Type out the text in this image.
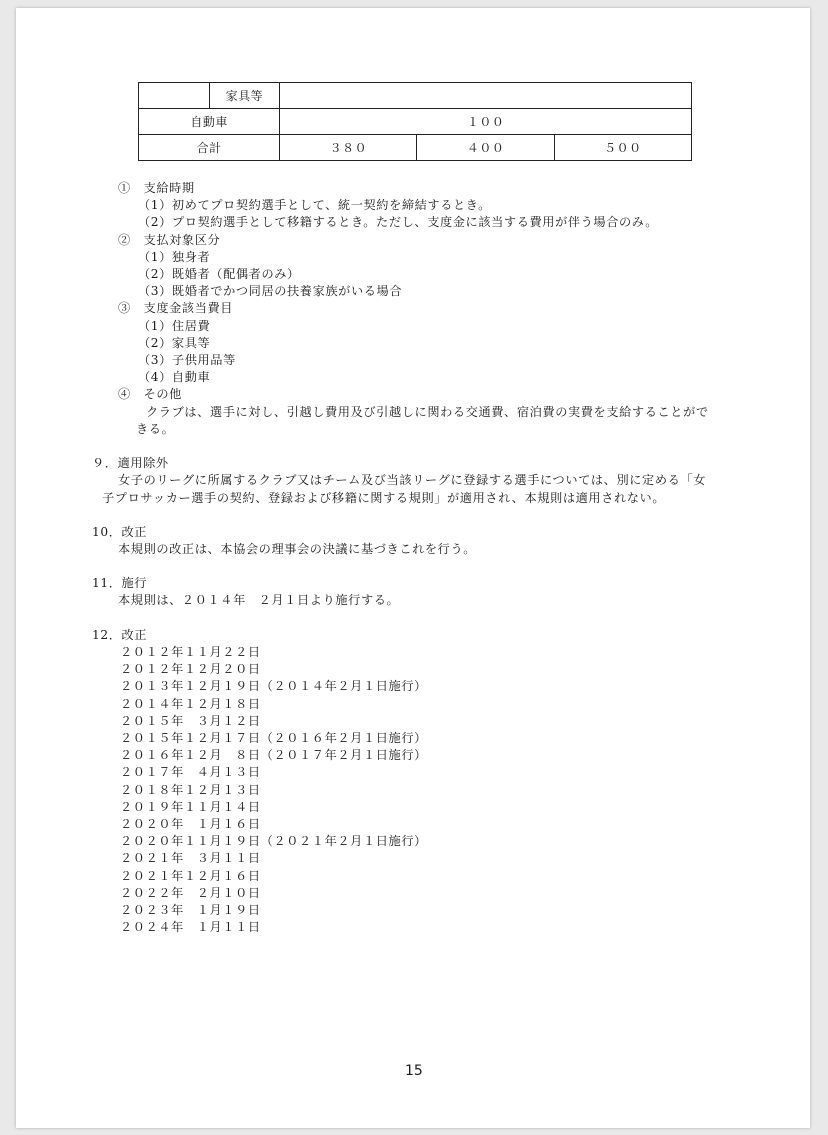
	家具等			
自動車		１００		
合計		３８０	４００	５００
①　支給時期
（1）初めてプロ契約選手として、統一契約を締結するとき。
（2）プロ契約選手として移籍するとき。ただし、支度金に該当する費用が伴う場合のみ。
②　支払対象区分
（1）独身者
（2）既婚者（配偶者のみ）
（3）既婚者でかつ同居の扶養家族がいる場合
③　支度金該当費目
（1）住居費
（2）家具等
（3）子供用品等
（4）自動車
④　その他
クラブは、選手に対し、引越し費用及び引越しに関わる交通費、宿泊費の実費を支給することがで
きる。
９．適用除外
女子のリーグに所属するクラブ又はチーム及び当該リーグに登録する選手については、別に定める「女
子プロサッカー選手の契約、登録および移籍に関する規則」が適用され、本規則は適用されない。
10．改正
本規則の改正は、本協会の理事会の決議に基づきこれを行う。
11．施行
本規則は、２０１４年　２月１日より施行する。
12．改正
２０１２年１１月２２日
２０１２年１２月２０日
２０１３年１２月１９日（２０１４年２月１日施行）
２０１４年１２月１８日
２０１５年　３月１２日
２０１５年１２月１７日（２０１６年２月１日施行）
２０１６年１２月　８日（２０１７年２月１日施行）
２０１７年　４月１３日
２０１８年１２月１３日
２０１９年１１月１４日
２０２０年　１月１６日
２０２０年１１月１９日（２０２１年２月１日施行）
２０２１年　３月１１日
２０２１年１２月１６日
２０２２年　２月１０日
２０２３年　１月１９日
２０２４年　１月１１日
15
